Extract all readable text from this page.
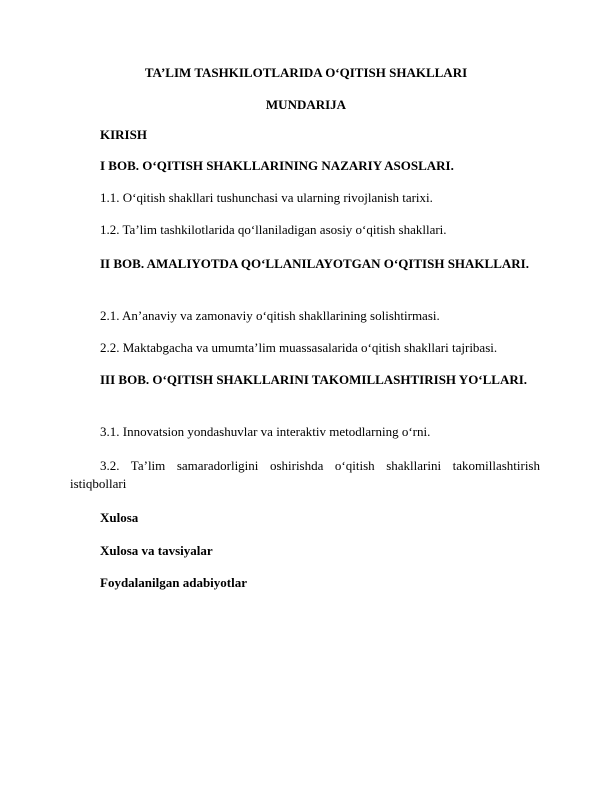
TA’LIM TASHKILOTLARIDA O‘QITISH SHAKLLARI
MUNDARIJA
KIRISH
I BOB. O‘QITISH SHAKLLARINING NAZARIY ASOSLARI.
1.1. O‘qitish shakllari tushunchasi va ularning rivojlanish tarixi.
1.2. Ta’lim tashkilotlarida qo‘llaniladigan asosiy o‘qitish shakllari.
II BOB. AMALIYOTDA QO‘LLANILAYOTGAN O‘QITISH SHAKLLARI.
2.1. An’anaviy va zamonaviy o‘qitish shakllarining solishtirmasi.
2.2. Maktabgacha va umumta’lim muassasalarida o‘qitish shakllari tajribasi.
III BOB. O‘QITISH SHAKLLARINI TAKOMILLASHTIRISH YO‘LLARI.
3.1. Innovatsion yondashuvlar va interaktiv metodlarning o‘rni.
3.2. Ta’lim samaradorligini oshirishda o‘qitish shakllarini takomillashtirish istiqbollari
Xulosa
Xulosa va tavsiyalar
Foydalanilgan adabiyotlar
